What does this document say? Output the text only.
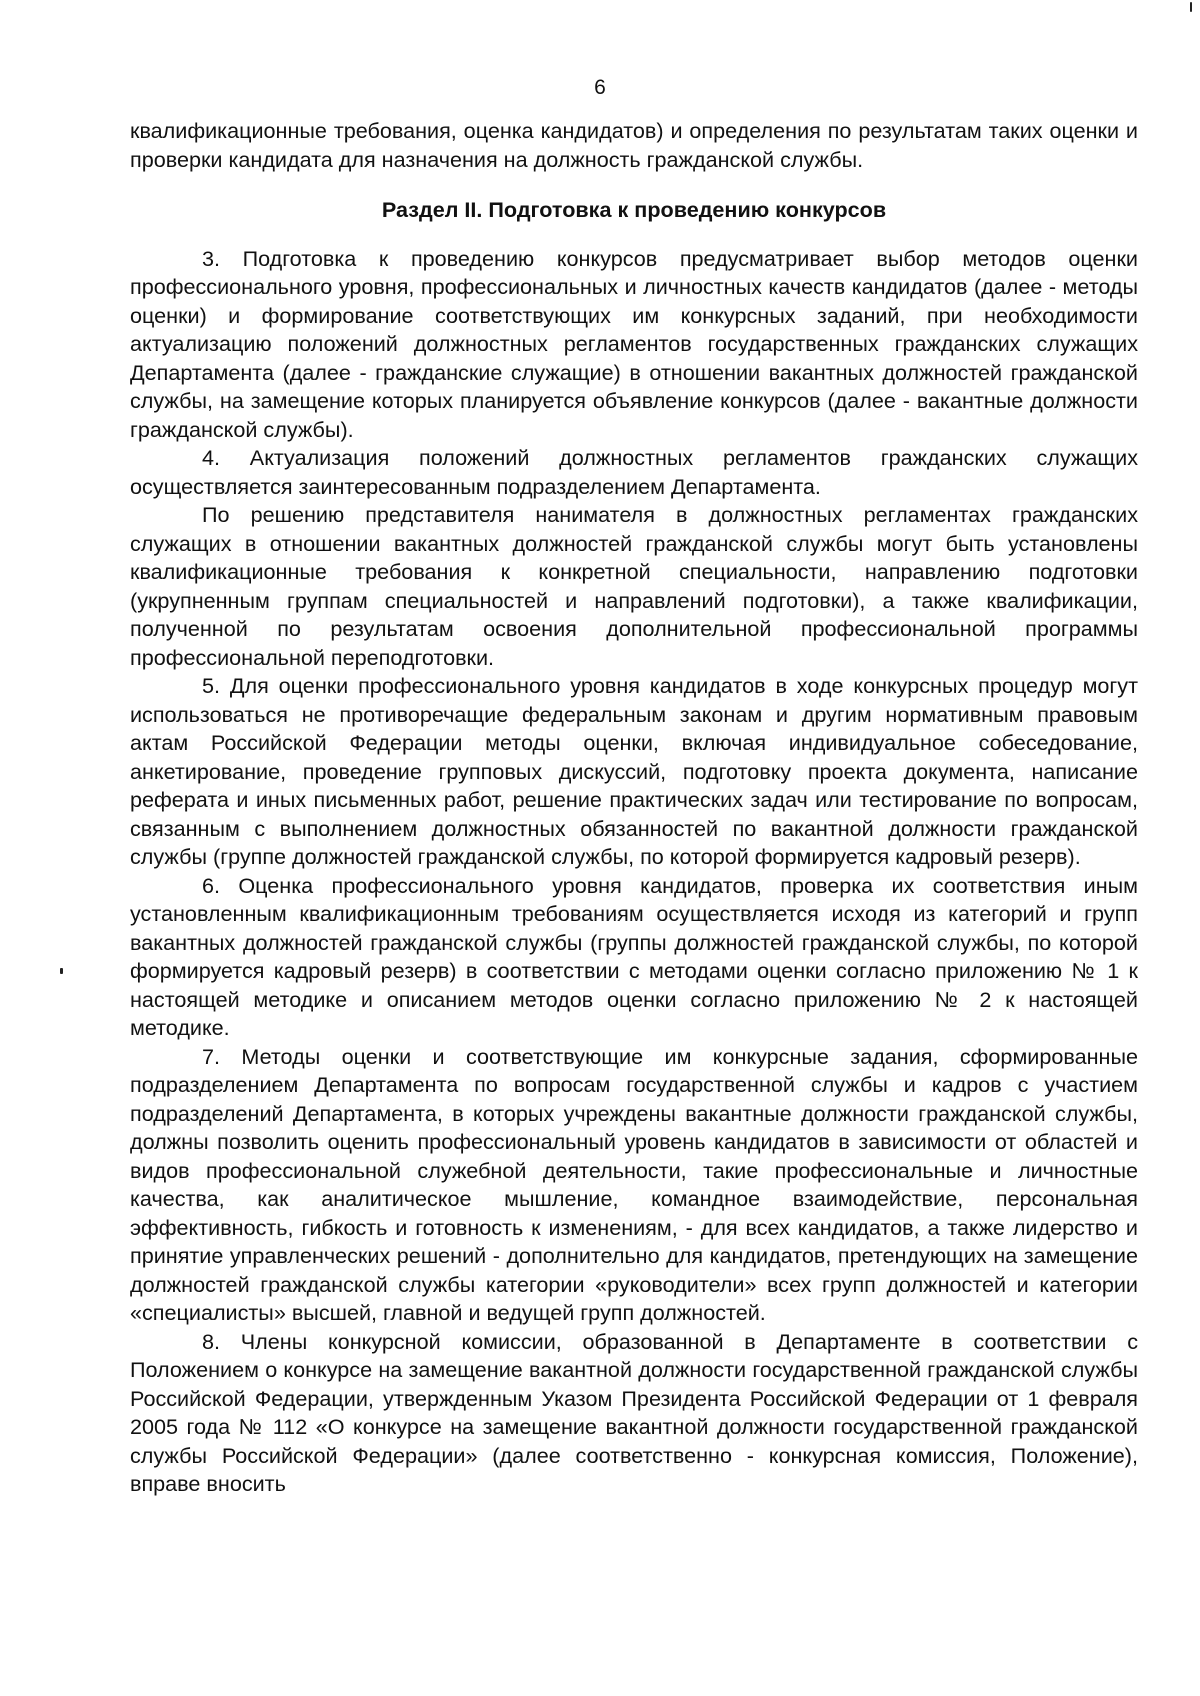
6

квалификационные требования, оценка кандидатов) и определения по результатам таких оценки и проверки кандидата для назначения на должность гражданской службы.

Раздел II. Подготовка к проведению конкурсов

3. Подготовка к проведению конкурсов предусматривает выбор методов оценки профессионального уровня, профессиональных и личностных качеств кандидатов (далее - методы оценки) и формирование соответствующих им конкурсных заданий, при необходимости актуализацию положений должностных регламентов государственных гражданских служащих Департамента (далее - гражданские служащие) в отношении вакантных должностей гражданской службы, на замещение которых планируется объявление конкурсов (далее - вакантные должности гражданской службы).

4. Актуализация положений должностных регламентов гражданских служащих осуществляется заинтересованным подразделением Департамента.

По решению представителя нанимателя в должностных регламентах гражданских служащих в отношении вакантных должностей гражданской службы могут быть установлены квалификационные требования к конкретной специальности, направлению подготовки (укрупненным группам специальностей и направлений подготовки), а также квалификации, полученной по результатам освоения дополнительной профессиональной программы профессиональной переподготовки.

5. Для оценки профессионального уровня кандидатов в ходе конкурсных процедур могут использоваться не противоречащие федеральным законам и другим нормативным правовым актам Российской Федерации методы оценки, включая индивидуальное собеседование, анкетирование, проведение групповых дискуссий, подготовку проекта документа, написание реферата и иных письменных работ, решение практических задач или тестирование по вопросам, связанным с выполнением должностных обязанностей по вакантной должности гражданской службы (группе должностей гражданской службы, по которой формируется кадровый резерв).

6. Оценка профессионального уровня кандидатов, проверка их соответствия иным установленным квалификационным требованиям осуществляется исходя из категорий и групп вакантных должностей гражданской службы (группы должностей гражданской службы, по которой формируется кадровый резерв) в соответствии с методами оценки согласно приложению № 1 к настоящей методике и описанием методов оценки согласно приложению № 2 к настоящей методике.

7. Методы оценки и соответствующие им конкурсные задания, сформированные подразделением Департамента по вопросам государственной службы и кадров с участием подразделений Департамента, в которых учреждены вакантные должности гражданской службы, должны позволить оценить профессиональный уровень кандидатов в зависимости от областей и видов профессиональной служебной деятельности, такие профессиональные и личностные качества, как аналитическое мышление, командное взаимодействие, персональная эффективность, гибкость и готовность к изменениям, - для всех кандидатов, а также лидерство и принятие управленческих решений - дополнительно для кандидатов, претендующих на замещение должностей гражданской службы категории «руководители» всех групп должностей и категории «специалисты» высшей, главной и ведущей групп должностей.

8. Члены конкурсной комиссии, образованной в Департаменте в соответствии с Положением о конкурсе на замещение вакантной должности государственной гражданской службы Российской Федерации, утвержденным Указом Президента Российской Федерации от 1 февраля 2005 года № 112 «О конкурсе на замещение вакантной должности государственной гражданской службы Российской Федерации» (далее соответственно - конкурсная комиссия, Положение), вправе вносить
